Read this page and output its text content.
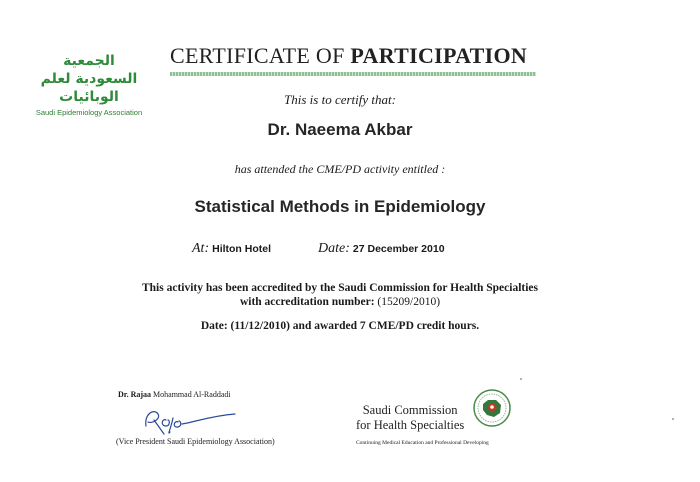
الجمعية السعودية لعلم الوبائيات
Saudi Epidemiology Association
CERTIFICATE OF PARTICIPATION
This is to certify that:
Dr. Naeema Akbar
has attended the CME/PD activity entitled :
Statistical Methods in Epidemiology
At: Hilton Hotel	Date: 27 December 2010
This activity has been accredited by the Saudi Commission for Health Specialties
with accreditation number: (15209/2010)
Date: (11/12/2010) and awarded 7 CME/PD credit hours.
Dr. Rajaa Mohammad Al-Raddadi
(Vice President Saudi Epidemiology Association)
Saudi Commission
for Health Specialties
Continuing Medical Education and Professional Developing
